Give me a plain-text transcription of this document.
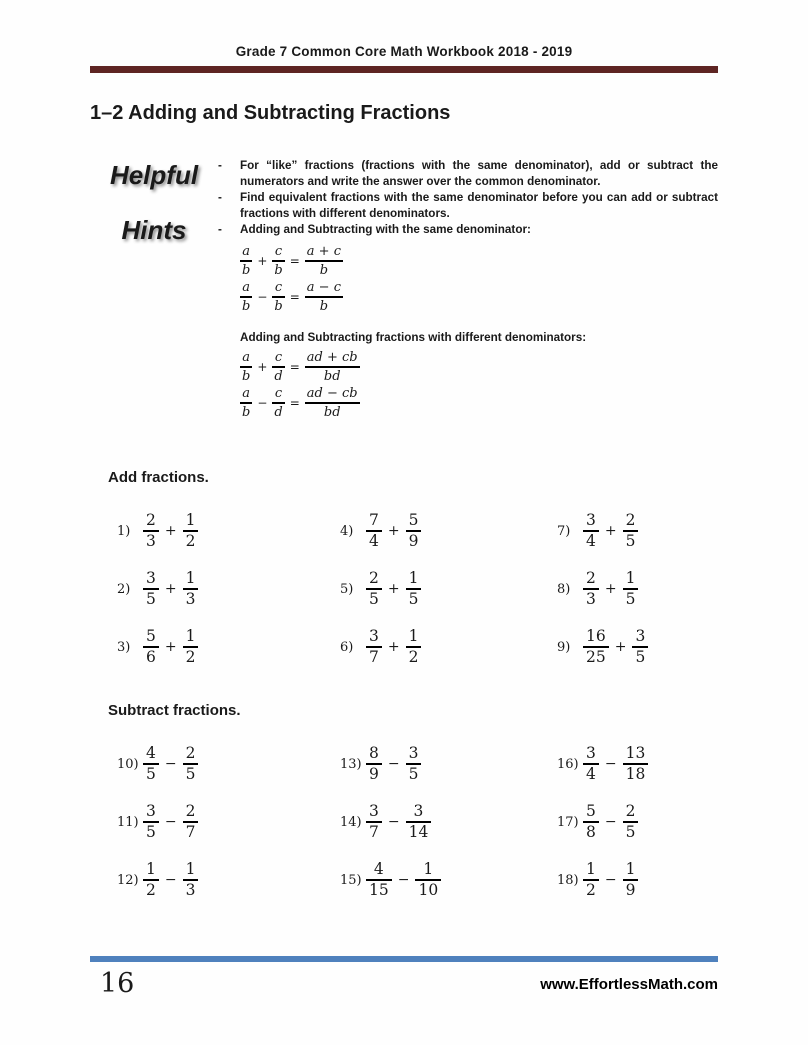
Grade 7 Common Core Math Workbook 2018 - 2019
1–2 Adding and Subtracting Fractions
Helpful
Hints
-	For “like” fractions (fractions with the same denominator), add or subtract the numerators and write the answer over the common denominator.
-	Find equivalent fractions with the same denominator before you can add or subtract fractions with different denominators.
-	Adding and Subtracting with the same denominator:
$\frac{a}{b} + \frac{c}{b} = \frac{a + c}{b}$
$\frac{a}{b} - \frac{c}{b} = \frac{a - c}{b}$
Adding and Subtracting fractions with different denominators:
$\frac{a}{b} + \frac{c}{d} = \frac{ad + cb}{bd}$
$\frac{a}{b} - \frac{c}{d} = \frac{ad - cb}{bd}$
Add fractions.
$1) \frac{2}{3} + \frac{1}{2}$
$2) \frac{3}{5} + \frac{1}{3}$
$3) \frac{5}{6} + \frac{1}{2}$
$4) \frac{7}{4} + \frac{5}{9}$
$5) \frac{2}{5} + \frac{1}{5}$
$6) \frac{3}{7} + \frac{1}{2}$
$7) \frac{3}{4} + \frac{2}{5}$
$8) \frac{2}{3} + \frac{1}{5}$
$9) \frac{16}{25} + \frac{3}{5}$
Subtract fractions.
$10) \frac{4}{5} - \frac{2}{5}$
$11) \frac{3}{5} - \frac{2}{7}$
$12) \frac{1}{2} - \frac{1}{3}$
$13) \frac{8}{9} - \frac{3}{5}$
$14) \frac{3}{7} - \frac{3}{14}$
$15) \frac{4}{15} - \frac{1}{10}$
$16) \frac{3}{4} - \frac{13}{18}$
$17) \frac{5}{8} - \frac{2}{5}$
$18) \frac{1}{2} - \frac{1}{9}$
16	www.EffortlessMath.com
